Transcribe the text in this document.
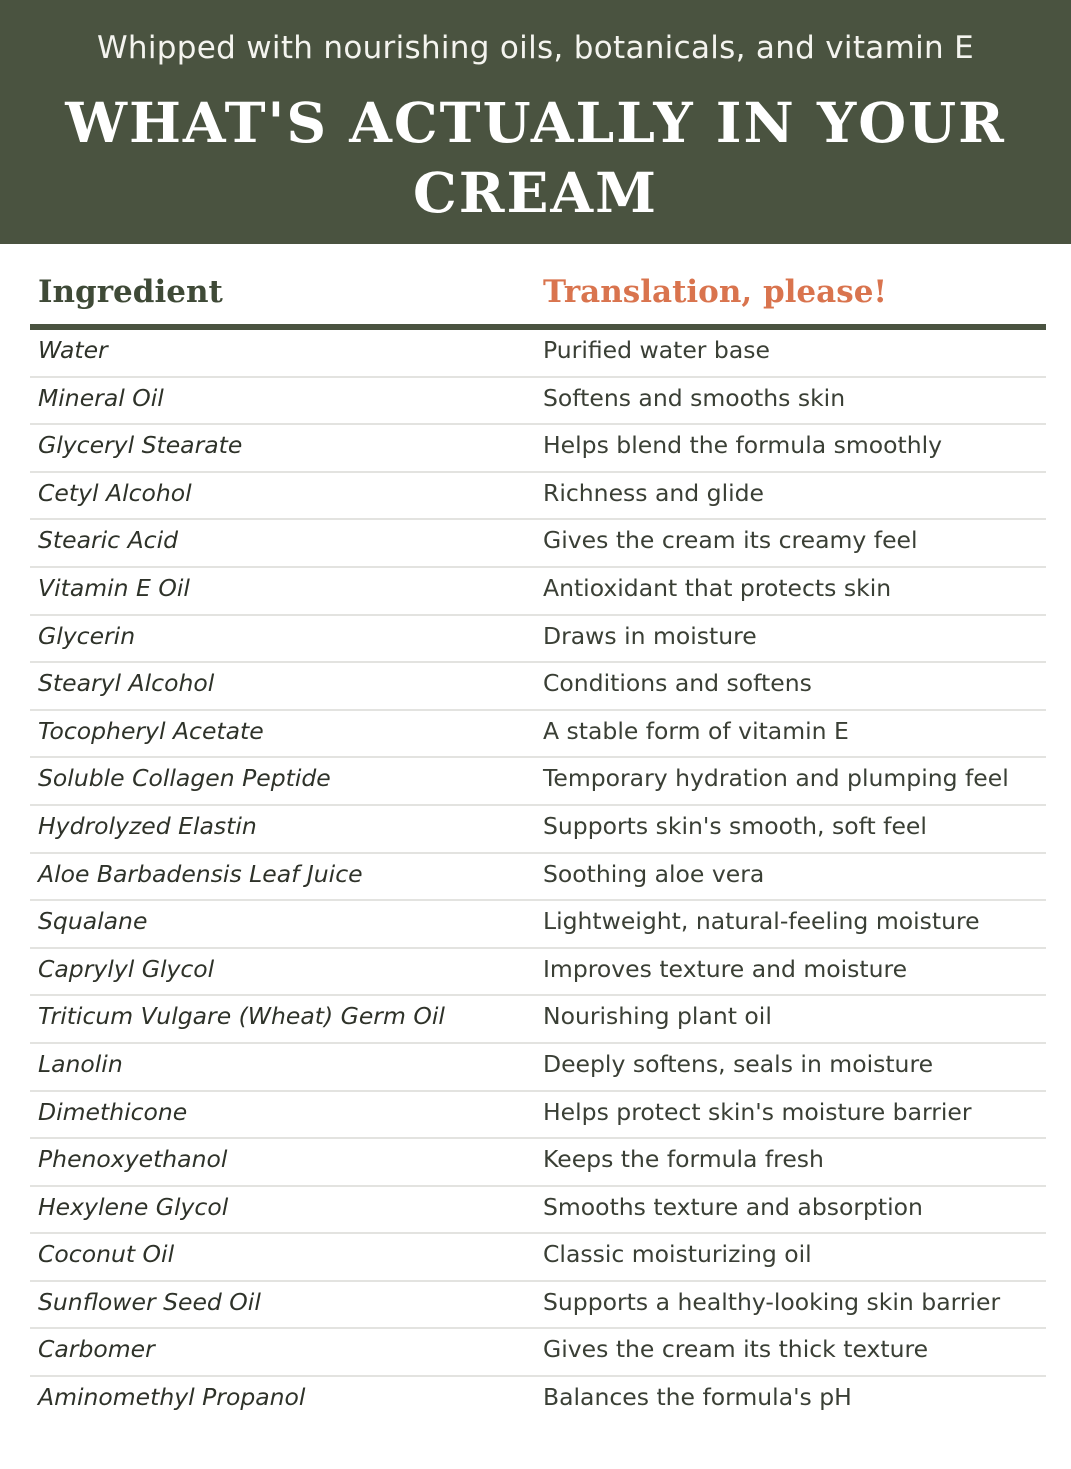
Whipped with nourishing oils, botanicals, and vitamin E
WHAT'S ACTUALLY IN YOUR CREAM
Ingredient	Translation, please!
Water	Purified water base
Mineral Oil	Softens and smooths skin
Glyceryl Stearate	Helps blend the formula smoothly
Cetyl Alcohol	Richness and glide
Stearic Acid	Gives the cream its creamy feel
Vitamin E Oil	Antioxidant that protects skin
Glycerin	Draws in moisture
Stearyl Alcohol	Conditions and softens
Tocopheryl Acetate	A stable form of vitamin E
Soluble Collagen Peptide	Temporary hydration and plumping feel
Hydrolyzed Elastin	Supports skin's smooth, soft feel
Aloe Barbadensis Leaf Juice	Soothing aloe vera
Squalane	Lightweight, natural-feeling moisture
Caprylyl Glycol	Improves texture and moisture
Triticum Vulgare (Wheat) Germ Oil	Nourishing plant oil
Lanolin	Deeply softens, seals in moisture
Dimethicone	Helps protect skin's moisture barrier
Phenoxyethanol	Keeps the formula fresh
Hexylene Glycol	Smooths texture and absorption
Coconut Oil	Classic moisturizing oil
Sunflower Seed Oil	Supports a healthy-looking skin barrier
Carbomer	Gives the cream its thick texture
Aminomethyl Propanol	Balances the formula's pH
